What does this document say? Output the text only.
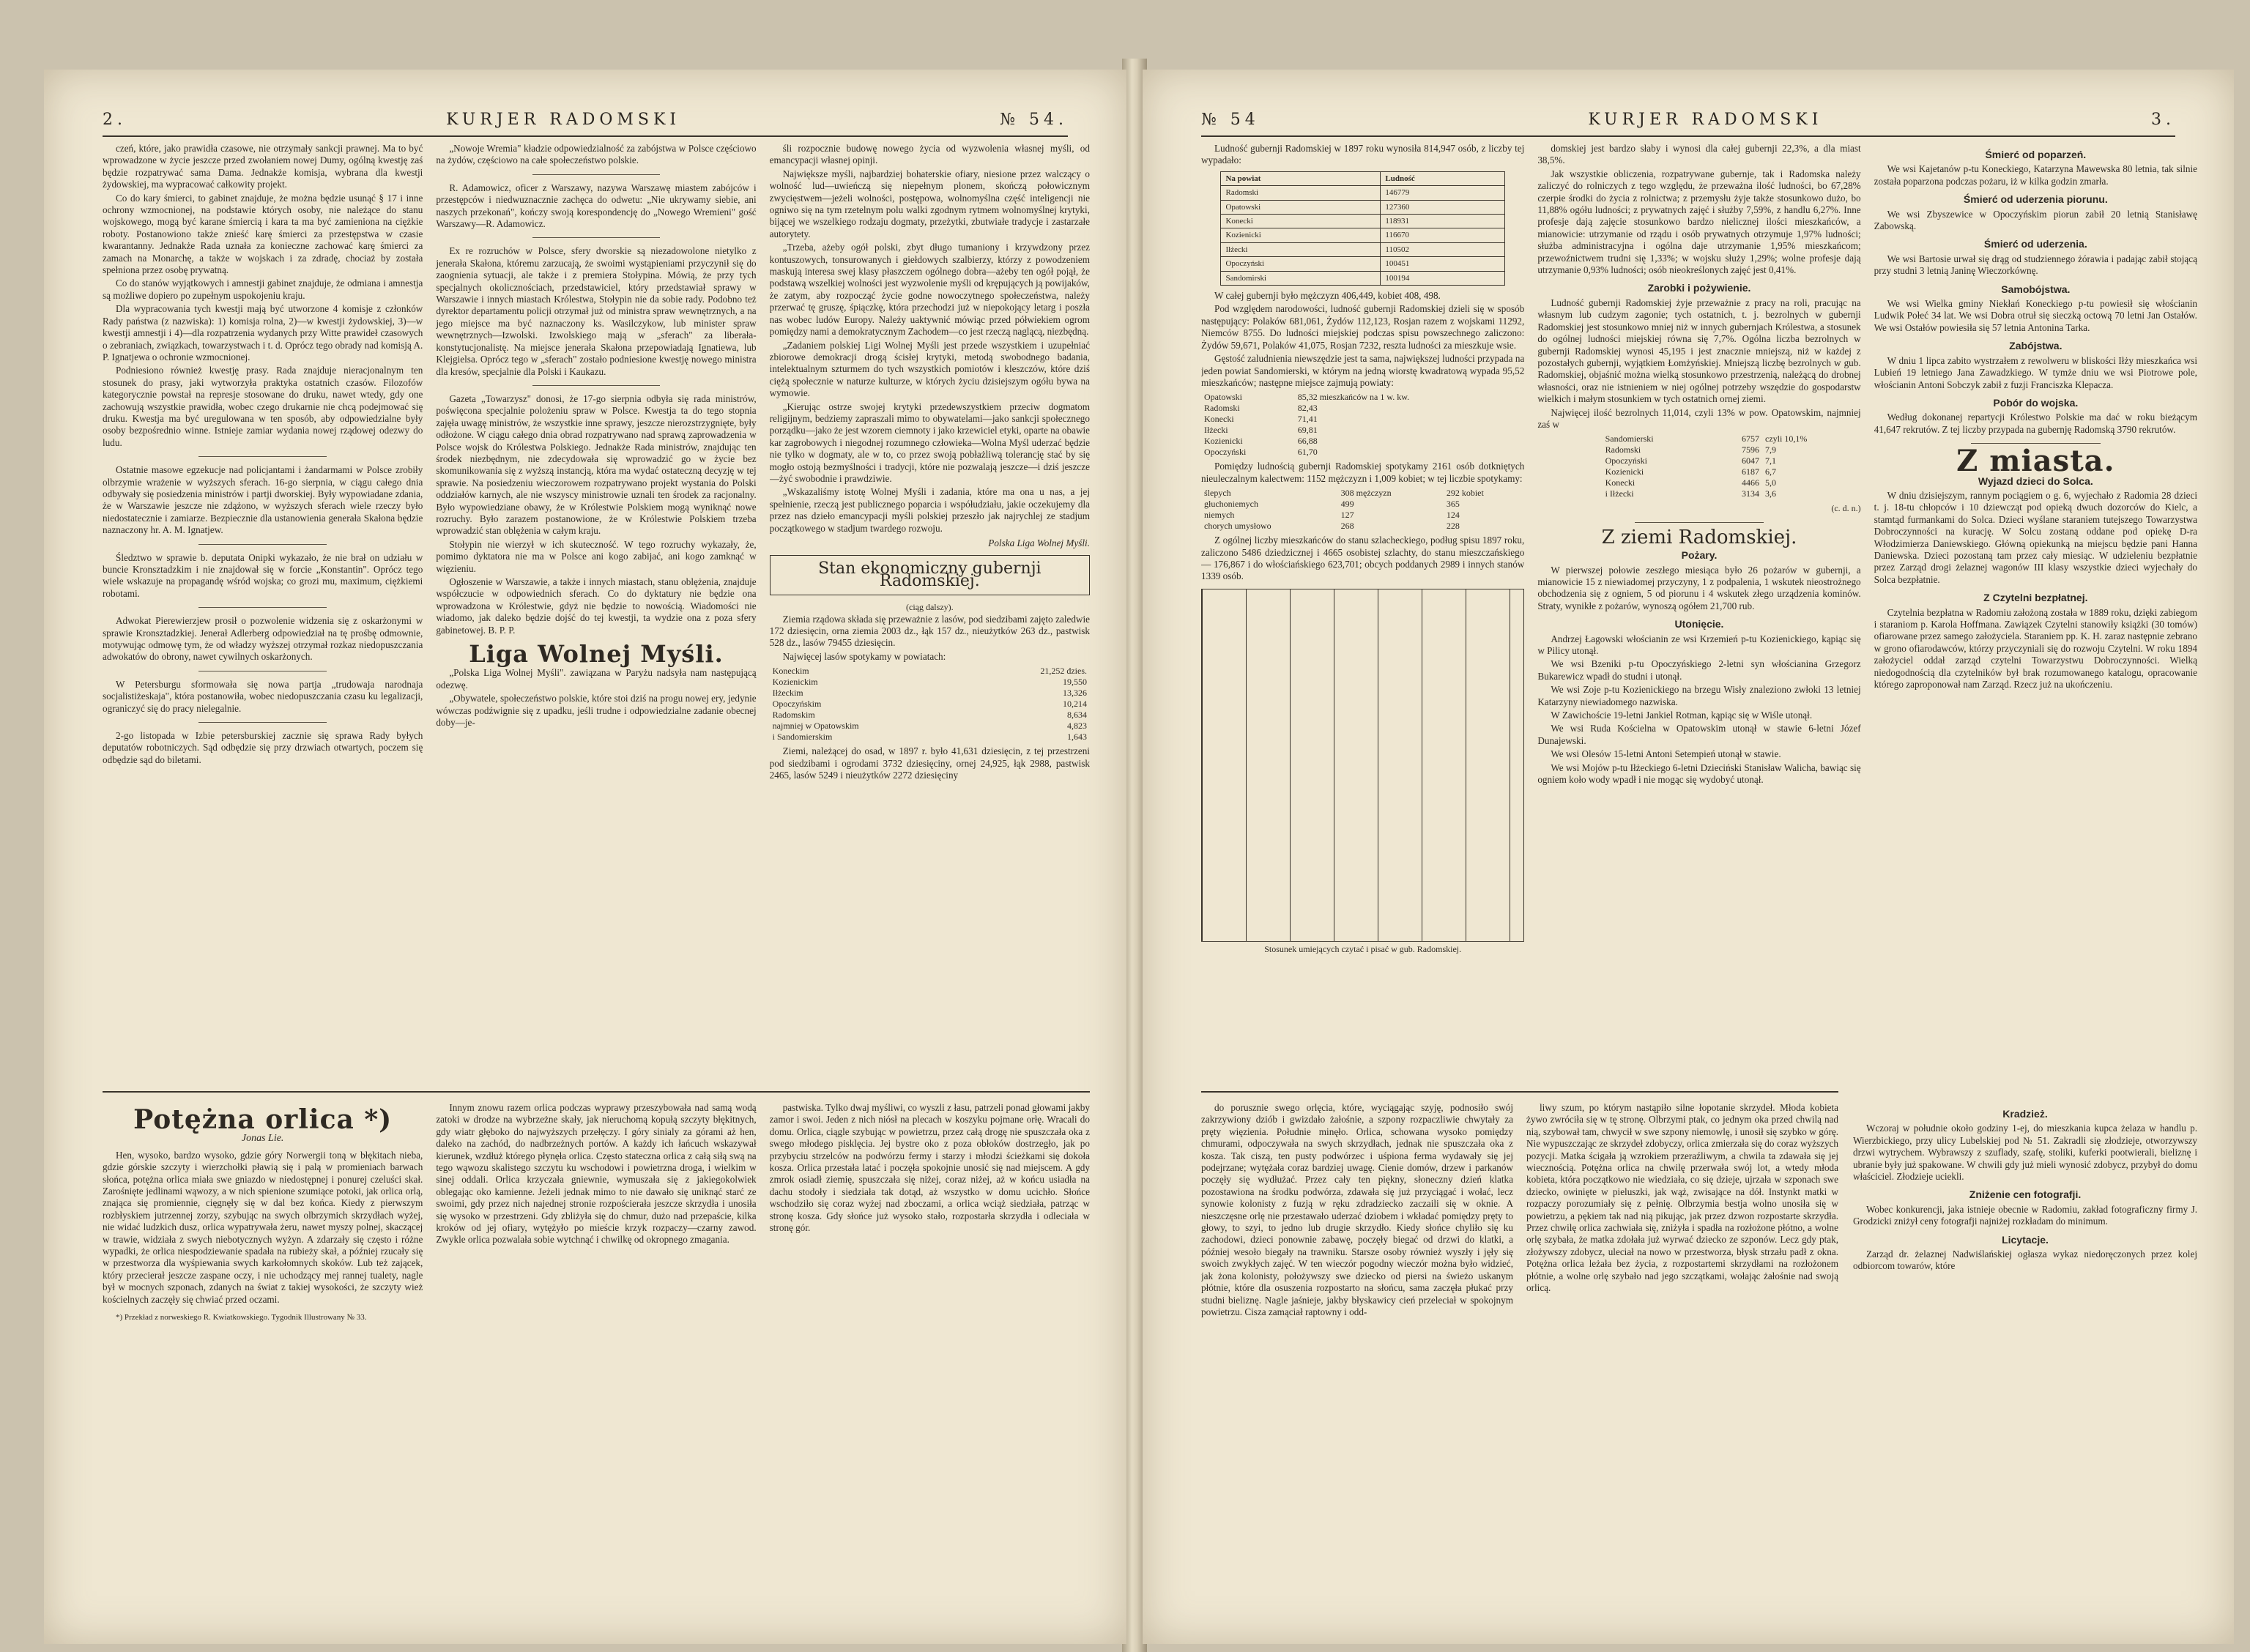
2.	KURJER RADOMSKI	№ 54.

czeń, które, jako prawidła czasowe, nie otrzymały sankcji prawnej. Ma to być wprowadzone w życie jeszcze przed zwołaniem nowej Dumy, ogólną kwestję zaś będzie rozpatrywać sama Dama. Jednakże komisja, wybrana dla kwestji żydowskiej, ma wypracować całkowity projekt.

Co do kary śmierci, to gabinet znajduje, że można będzie usunąć § 17 i inne ochrony wzmocnionej, na podstawie których osoby, nie należące do stanu wojskowego, mogą być karane śmiercią i kara ta ma być zamieniona na ciężkie roboty. Postanowiono także znieść karę śmierci za przestępstwa w czasie kwarantanny. Jednakże Rada uznała za konieczne zachować karę śmierci za zamach na Monarchę, a także w wojskach i za zdradę, chociaż by została spełniona przez osobę prywatną.

Co do stanów wyjątkowych i amnestji gabinet znajduje, że odmiana i amnestja są możliwe dopiero po zupełnym uspokojeniu kraju.

Dla wypracowania tych kwestji mają być utworzone 4 komisje z członków Rady państwa (z nazwiska): 1) komisja rolna, 2)—w kwestji żydowskiej, 3)—w kwestji amnestji i 4)—dla rozpatrzenia wydanych przy Witte prawideł czasowych o zebraniach, związkach, towarzystwach i t. d. Oprócz tego obrady nad komisją A. P. Ignatjewa o ochronie wzmocnionej.

Podniesiono również kwestję prasy. Rada znajduje nieracjonalnym ten stosunek do prasy, jaki wytworzyła praktyka ostatnich czasów. Filozofów kategorycznie powstał na represje stosowane do druku, nawet wtedy, gdy one zachowują wszystkie prawidła, wobec czego drukarnie nie chcą podejmować się druku. Kwestja ma być uregulowana w ten sposób, aby odpowiedzialne były osoby bezpośrednio winne. Istnieje zamiar wydania nowej rządowej odezwy do ludu.

Ostatnie masowe egzekucje nad policjantami i żandarmami w Polsce zrobiły olbrzymie wrażenie w wyższych sferach. 16-go sierpnia, w ciągu całego dnia odbywały się posiedzenia ministrów i partji dworskiej. Były wypowiadane zdania, że w Warszawie jeszcze nie zdążono, w wyższych sferach wiele rzeczy było niedostatecznie i zamiarze. Bezpiecznie dla ustanowienia generała Skałona będzie naznaczony hr. A. M. Ignatjew.

Śledztwo w sprawie b. deputata Onipki wykazało, że nie brał on udziału w buncie Kronsztadzkim i nie znajdował się w forcie „Konstantin". Oprócz tego wiele wskazuje na propagandę wśród wojska; co grozi mu, maximum, ciężkiemi robotami.

Adwokat Pierewierzjew prosił o pozwolenie widzenia się z oskarżonymi w sprawie Kronsztadzkiej. Jenerał Adlerberg odpowiedział na tę prośbę odmownie, motywując odmowę tym, że od władzy wyższej otrzymał rozkaz niedopuszczania adwokatów do obrony, nawet cywilnych oskarżonych.

W Petersburgu sformowała się nowa partja „trudowaja narodnaja socjalistiżeskaja", która postanowiła, wobec niedopuszczania czasu ku legalizacji, ograniczyć się do pracy nielegalnie.

2-go listopada w Izbie petersburskiej zacznie się sprawa Rady byłych deputatów robotniczych. Sąd odbędzie się przy drzwiach otwartych, poczem się odbędzie sąd do biletami.

„Nowoje Wremia" kładzie odpowiedzialność za zabójstwa w Polsce częściowo na żydów, częściowo na całe społeczeństwo polskie.

R. Adamowicz, oficer z Warszawy, nazywa Warszawę miastem zabójców i przestępców i niedwuznacznie zachęca do odwetu: „Nie ukrywamy siebie, ani naszych przekonań", kończy swoją korespondencję do „Nowego Wremieni" gość Warszawy—R. Adamowicz.

Ex re rozruchów w Polsce, sfery dworskie są niezadowolone nietylko z jenerała Skałona, któremu zarzucają, że swoimi wystąpieniami przyczynił się do zaognienia sytuacji, ale także i z premiera Stołypina. Mówią, że przy tych specjalnych okolicznościach, przedstawiciel, który przedstawiał sprawy w Warszawie i innych miastach Królestwa, Stołypin nie da sobie rady. Podobno też dyrektor departamentu policji otrzymał już od ministra spraw wewnętrznych, a na jego miejsce ma być naznaczony ks. Wasilczykow, lub minister spraw wewnętrznych—Izwolski. Izwolskiego mają w „sferach" za liberała-konstytucjonalistę. Na miejsce jenerała Skałona przepowiadają Ignatiewa, lub Klejgielsa. Oprócz tego w „sferach" zostało podniesione kwestję nowego ministra dla kresów, specjalnie dla Polski i Kaukazu.

Gazeta „Towarzysz" donosi, że 17-go sierpnia odbyła się rada ministrów, poświęcona specjalnie polożeniu spraw w Polsce. Kwestja ta do tego stopnia zajęła uwagę ministrów, że wszystkie inne sprawy, jeszcze nierozstrzygnięte, były odłożone. W ciągu całego dnia obrad rozpatrywano nad sprawą zaprowadzenia w Polsce wojsk do Królestwa Polskiego. Jednakże Rada ministrów, znajdując ten środek niezbędnym, nie zdecydowała się wprowadzić go w życie bez skomunikowania się z wyższą instancją, która ma wydać ostateczną decyzję w tej sprawie. Na posiedzeniu wieczorowem rozpatrywano projekt wystania do Polski oddziałów karnych, ale nie wszyscy ministrowie uznali ten środek za racjonalny. Było wypowiedziane obawy, że w Królestwie Polskiem mogą wyniknąć nowe rozruchy. Było zarazem postanowione, że w Królestwie Polskiem trzeba wprowadzić stan oblężenia w całym kraju.

Stołypin nie wierzył w ich skuteczność. W tego rozruchy wykazały, że, pomimo dyktatora nie ma w Polsce ani kogo zabijać, ani kogo zamknąć w więzieniu.

Ogłoszenie w Warszawie, a także i innych miastach, stanu oblężenia, znajduje współczucie w odpowiednich sferach. Co do dyktatury nie będzie ona wprowadzona w Królestwie, gdyż nie będzie to nowością. Wiadomości nie wiadomo, jak daleko będzie dojść do tej kwestji, ta wydzie ona z poza sfery gabinetowej. B. P. P.

Liga Wolnej Myśli.

„Polska Liga Wolnej Myśli". zawiązana w Paryżu nadsyła nam następującą odezwę.

„Obywatele, społeczeństwo polskie, które stoi dziś na progu nowej ery, jedynie wówczas podźwignie się z upadku, jeśli trudne i odpowiedzialne zadanie obecnej doby—je-

śli rozpocznie budowę nowego życia od wyzwolenia własnej myśli, od emancypacji własnej opinji.

Największe myśli, najbardziej bohaterskie ofiary, niesione przez walczący o wolność lud—uwieńczą się niepełnym plonem, skończą połowicznym zwycięstwem—jeżeli wolności, postępowa, wolnomyślna część inteligencji nie ogniwo się na tym rzetelnym polu walki zgodnym rytmem wolnomyślnej krytyki, bijącej we wszelkiego rodzaju dogmaty, przeżytki, zbutwiałe tradycje i zastarzałe autorytety.

„Trzeba, ażeby ogół polski, zbyt długo tumaniony i krzywdzony przez kontuszowych, tonsurowanych i giełdowych szalbierzy, którzy z powodzeniem maskują interesa swej klasy płaszczem ogólnego dobra—ażeby ten ogół pojął, że podstawą wszelkiej wolności jest wyzwolenie myśli od krępujących ją powijaków, że zatym, aby rozpocząć życie godne nowoczytnego społeczeństwa, należy przerwać tę gruszę, śpiączkę, która przechodzi już w niepokojący letarg i poszła nas wobec ludów Europy. Należy uaktywnić mówiąc przed półwiekiem ogrom pomiędzy nami a demokratycznym Zachodem—co jest rzeczą naglącą, niezbędną.

„Zadaniem polskiej Ligi Wolnej Myśli jest przede wszystkiem i uzupełniać zbiorowe demokracji drogą ścisłej krytyki, metodą swobodnego badania, intelektualnym szturmem do tych wszystkich pomiotów i kleszczów, które dziś ciężą społecznie w naturze kulturze, w których życiu dzisiejszym ogółu bywa na wymowie.

„Kierując ostrze swojej krytyki przedewszystkiem przeciw dogmatom religijnym, bedziemy zapraszali mimo to obywatelami—jako sankcji społecznego porządku—jako że jest wzorem ciemnoty i jako krzewiciel etyki, oparte na obawie kar zagrobowych i niegodnej rozumnego człowieka—Wolna Myśl uderzać będzie nie tylko w dogmaty, ale w to, co przez swoją pobłażliwą tolerancję stać by się mogło ostoją bezmyślności i tradycji, które nie pozwalają jeszcze—i dziś jeszcze—żyć swobodnie i prawdziwie.

„Wskazaliśmy istotę Wolnej Myśli i zadania, które ma ona u nas, a jej spełnienie, rzeczą jest publicznego poparcia i współudziału, jakie oczekujemy dla przez nas dzieło emancypacji myśli polskiej przeszło jak najrychlej ze stadjum początkowego w stadjum twardego rozwoju.

Polska Liga Wolnej Myśli.
Stan ekonomiczny gubernji Radomskiej.
(ciąg dalszy).

Ziemia rządowa składa się przeważnie z lasów, pod siedzibami zajęto zaledwie 172 dziesięcin, orna ziemia 2003 dz., łąk 157 dz., nieużytków 263 dz., pastwisk 528 dz., lasów 79455 dziesięcin.

Najwięcej lasów spotykamy w powiatach:

Koneckim	21,252 dzies.
Kozienickim	19,550
Iłżeckim	13,326
Opoczyńskim	10,214
Radomskim	8,634
najmniej w Opatowskim	4,823
i Sandomierskim	1,643

Ziemi, należącej do osad, w 1897 r. było 41,631 dziesięcin, z tej przestrzeni pod siedzibami i ogrodami 3732 dziesięciny, ornej 24,925, łąk 2988, pastwisk 2465, lasów 5249 i nieużytków 2272 dziesięciny

Potężna orlica *)
Jonas Lie.

Hen, wysoko, bardzo wysoko, gdzie góry Norwergii toną w błękitach nieba, gdzie górskie szczyty i wierzchołki pławią się i palą w promieniach barwach słońca, potężna orlica miała swe gniazdo w niedostępnej i ponurej czeluści skał. Zarośnięte jedlinami wąwozy, a w nich spienione szumiące potoki, jak orlica orlą, znająca się promiennie, cięgnęły się w dal bez końca. Kiedy z pierwszym rozbłyskiem jutrzennej zorzy, szybując na swych olbrzymich skrzydłach wyżej, nie widać ludzkich dusz, orlica wypatrywała żeru, nawet myszy polnej, skaczącej w trawie, widziała z swych niebotycznych wyżyn. A zdarzały się często i różne wypadki, że orlica niespodziewanie spadała na rubieży skał, a później rzucały się w przestworza dla wyśpiewania swych karkołomnych skoków. Lub też zającek, który przecierał jeszcze zaspane oczy, i nie uchodzący mej rannej tualety, nagle był w mocnych szponach, zdanych na świat z takiej wysokości, że szczyty wież kościelnych zaczęły się chwiać przed oczami.

*) Przekład z norweskiego R. Kwiatkowskiego. Tygodnik Illustrowany № 33.

Innym znowu razem orlica podczas wyprawy przeszybowała nad samą wodą zatoki w drodze na wybrzeżne skały, jak nieruchomą kopułą szczyty błękitnych, gdy wiatr głęboko do najwyższych przełęczy. I góry sinialy za górami aż hen, daleko na zachód, do nadbrzeżnych portów. A każdy ich łańcuch wskazywał kierunek, wzdłuż którego płynęła orlica. Często stateczna orlica z całą siłą swą na tego wąwozu skalistego szczytu ku wschodowi i powietrzna droga, i wielkim w sinej oddali. Orlica krzyczała gniewnie, wymuszała się z jakiegokolwiek oblegając oko kamienne. Jeżeli jednak mimo to nie dawało się uniknąć starć ze swoimi, gdy przez nich najednej stronie rozpościerała jeszcze skrzydła i unosiła się wysoko w przestrzeni. Gdy zbliżyła się do chmur, dużo nad przepaście, kilka kroków od jej ofiary, wytężyło po mieście krzyk rozpaczy—czarny zawod. Zwykle orlica pozwalała sobie wytchnąć i chwilkę od okropnego zmagania.

pastwiska. Tylko dwaj myśliwi, co wyszli z łasu, patrzeli ponad głowami jakby zamor i swoi. Jeden z nich niósł na plecach w koszyku pojmane orłę. Wracali do domu. Orlica, ciągle szybując w powietrzu, przez całą drogę nie spuszczała oka z swego młodego pisklęcia. Jej bystre oko z poza obłoków dostrzegło, jak po przybyciu strzelców na podwórzu fermy i starzy i młodzi ścieżkami się dokoła kosza. Orlica przestała latać i poczęła spokojnie unosić się nad miejscem. A gdy zmrok osiadł ziemię, spuszczała się niżej, coraz niżej, aż w końcu usiadła na dachu stodoły i siedziała tak dotąd, aż wszystko w domu ucichło. Słońce wschodziło się coraz wyżej nad zboczami, a orlica wciąż siedziała, patrząc w stronę kosza. Gdy słońce już wysoko stało, rozpostarła skrzydła i odleciała w stronę gór.

№ 54	KURJER RADOMSKI	3.

Ludność gubernji Radomskiej w 1897 roku wynosiła 814,947 osób, z liczby tej wypadało:

Na powiat	Ludność
Radomski	146779
Opatowski	127360
Konecki	118931
Kozienicki	116670
Iłżecki	110502
Opoczyński	100451
Sandomirski	100194

W całej gubernji było mężczyzn 406,449, kobiet 408, 498.

Pod względem narodowości, ludność gubernji Radomskiej dzieli się w sposób następujący: Polaków 681,061, Żydów 112,123, Rosjan razem z wojskami 11292, Niemców 8755. Do ludności miejskiej podczas spisu powszechnego zaliczono: Żydów 59,671, Polaków 41,075, Rosjan 7232, reszta ludności za mieszkuje wsie.

Gęstość zaludnienia niewszędzie jest ta sama, największej ludności przypada na jeden powiat Sandomierski, w którym na jedną wiorstę kwadratową wypada 95,52 mieszkańców; następne miejsce zajmują powiaty:

Opatowski	85,32 mieszkańców na 1 w. kw.
Radomski	82,43
Konecki	71,41
Iłżecki	69,81
Kozienicki	66,88
Opoczyński	61,70

Pomiędzy ludnością gubernji Radomskiej spotykamy 2161 osób dotkniętych nieuleczalnym kalectwem: 1152 mężczyzn i 1,009 kobiet; w tej liczbie spotykamy:

ślepych	308 mężczyzn	292 kobiet
głuchoniemych	499	365
niemych	127	124
chorych umysłowo	268	228

Z ogólnej liczby mieszkańców do stanu szlacheckiego, podług spisu 1897 roku, zaliczono 5486 dziedzicznej i 4665 osobistej szlachty, do stanu mieszczańskiego — 176,867 i do włościańskiego 623,701; obcych poddanych 2989 i innych stanów 1339 osób.

Stosunek umiejących czytać i pisać w gub. Radomskiej.

domskiej jest bardzo słaby i wynosi dla całej gubernji 22,3%, a dla miast 38,5%.

Jak wszystkie obliczenia, rozpatrywane gubernje, tak i Radomska należy zaliczyć do rolniczych z tego względu, że przeważna ilość ludności, bo 67,28% czerpie środki do życia z rolnictwa; z przemysłu żyje także stosunkowo dużo, bo 11,88% ogółu ludności; z prywatnych zajęć i służby 7,59%, z handlu 6,27%. Inne profesje dają zajęcie stosunkowo bardzo nielicznej ilości mieszkańców, a mianowicie: utrzymanie od rządu i osób prywatnych otrzymuje 1,97% ludności; służba administracyjna i ogólna daje utrzymanie 1,95% mieszkańcom; przewoźnictwem trudni się 1,33%; w wojsku służy 1,29%; wolne profesje dają utrzymanie 0,93% ludności; osób nieokreślonych zajęć jest 0,41%.

Zarobki i pożywienie.

Ludność gubernji Radomskiej żyje przeważnie z pracy na roli, pracując na własnym lub cudzym zagonie; tych ostatnich, t. j. bezrolnych w gubernji Radomskiej jest stosunkowo mniej niż w innych gubernjach Królestwa, a stosunek do ogólnej ludności miejskiej równa się 7,7%. Ogólna liczba bezrolnych w gubernji Radomskiej wynosi 45,195 i jest znacznie mniejszą, niż w każdej z pozostałych gubernji, wyjątkiem Łomżyńskiej. Mniejszą liczbę bezrolnych w gub. Radomskiej, objaśnić można wielką stosunkowo przestrzenią, należącą do drobnej własności, oraz nie istnieniem w niej ogólnej potrzeby wszędzie do gospodarstw wielkich i małym stosunkiem w tych ostatnich ornej ziemi.

Najwięcej ilość bezrolnych 11,014, czyli 13% w pow. Opatowskim, najmniej zaś w

Sandomierski	6757	czyli 10,1%
Radomski	7596	7,9
Opoczyński	6047	7,1
Kozienicki	6187	6,7
Konecki	4466	5,0
i Iłżecki	3134	3,6
(c. d. n.)
Z ziemi Radomskiej.
Pożary.

W pierwszej połowie zeszłego miesiąca było 26 pożarów w gubernji, a mianowicie 15 z niewiadomej przyczyny, 1 z podpalenia, 1 wskutek nieostrożnego obchodzenia się z ogniem, 5 od piorunu i 4 wskutek złego urządzenia kominów. Straty, wynikłe z pożarów, wynoszą ogółem 21,700 rub.

Utonięcie.

Andrzej Łagowski włościanin ze wsi Krzemień p-tu Kozienickiego, kąpiąc się w Pilicy utonął.

We wsi Bzeniki p-tu Opoczyńskiego 2-letni syn włościanina Grzegorz Bukarewicz wpadł do studni i utonął.

We wsi Zoje p-tu Kozienickiego na brzegu Wisły znaleziono zwłoki 13 letniej Katarzyny niewiadomego nazwiska.

W Zawichoście 19-letni Jankiel Rotman, kąpiąc się w Wiśle utonął.

We wsi Ruda Kościelna w Opatowskim utonął w stawie 6-letni Józef Dunajewski.

We wsi Olesów 15-letni Antoni Setempień utonął w stawie.

We wsi Mojów p-tu Iłżeckiego 6-letni Dzieciński Stanisław Walicha, bawiąc się ogniem koło wody wpadł i nie mogąc się wydobyć utonął.

Śmierć od poparzeń.

We wsi Kajetanów p-tu Koneckiego, Katarzyna Mawewska 80 letnia, tak silnie została poparzona podczas pożaru, iż w kilka godzin zmarła.

Śmierć od uderzenia piorunu.

We wsi Zbyszewice w Opoczyńskim piorun zabił 20 letnią Stanisławę Zabowską.

Śmierć od uderzenia.

We wsi Bartosie urwał się drąg od studziennego żórawia i padając zabił stojącą przy studni 3 letnią Janinę Wieczorkównę.

Samobójstwa.

We wsi Wielka gminy Niekłań Koneckiego p-tu powiesił się włościanin Ludwik Połeć 34 lat. We wsi Dobra otruł się sieczką octową 70 letni Jan Ostałów. We wsi Ostałów powiesiła się 57 letnia Antonina Tarka.

Zabójstwa.

W dniu 1 lipca zabito wystrzałem z rewolweru w bliskości Iłży mieszkańca wsi Lubień 19 letniego Jana Zawadzkiego. W tymże dniu we wsi Piotrowe pole, włościanin Antoni Sobczyk zabił z fuzji Franciszka Klepacza.

Pobór do wojska.

Według dokonanej repartycji Królestwo Polskie ma dać w roku bieżącym 41,647 rekrutów. Z tej liczby przypada na gubernję Radomską 3790 rekrutów.

Z miasta.
Wyjazd dzieci do Solca.

W dniu dzisiejszym, rannym pociągiem o g. 6, wyjechało z Radomia 28 dzieci t. j. 18-tu chłopców i 10 dziewcząt pod opieką dwuch dozorców do Kielc, a stamtąd furmankami do Solca. Dzieci wyślane staraniem tutejszego Towarzystwa Dobroczynności na kurację. W Solcu zostaną oddane pod opiekę D-ra Włodzimierza Daniewskiego. Główną opiekunką na miejscu będzie pani Hanna Daniewska. Dzieci pozostaną tam przez cały miesiąc. W udzieleniu bezpłatnie przez Zarząd drogi żelaznej wagonów III klasy wszystkie dzieci wyjechały do Solca bezpłatnie.

Z Czytelni bezpłatnej.

Czytelnia bezpłatna w Radomiu założoną została w 1889 roku, dzięki zabiegom i staraniom p. Karola Hoffmana. Zawiązek Czytelni stanowiły książki (30 tomów) ofiarowane przez samego założyciela. Staraniem pp. K. H. zaraz następnie zebrano w grono ofiarodawców, którzy przyczyniali się do rozwoju Czytelni. W roku 1894 założyciel oddał zarząd czytelni Towarzystwu Dobroczynności. Wielką niedogodnością dla czytelników był brak rozumowanego katalogu, opracowanie którego zaproponował nam Zarząd. Rzecz już na ukończeniu.

do porusznie swego orlęcia, które, wyciągając szyję, podnosiło swój zakrzywiony dziób i gwizdało żałośnie, a szpony rozpaczliwie chwytały za pręty więzienia. Południe minęło. Orlica, schowana wysoko pomiędzy chmurami, odpoczywała na swych skrzydłach, jednak nie spuszczała oka z kosza. Tak ciszą, ten pusty podwórzec i uśpiona ferma wydawały się jej podejrzane; wytężała coraz bardziej uwagę. Cienie domów, drzew i parkanów poczęły się wydłużać. Przez cały ten piękny, słoneczny dzień klatka pozostawiona na środku podwórza, zdawała się już przyciągać i wołać, lecz synowie kolonisty z fuzją w ręku zdradziecko zaczaili się w oknie. A nieszczęsne orlę nie przestawało uderzać dziobem i wkładać pomiędzy pręty to głowy, to szyi, to jedno lub drugie skrzydło. Kiedy słońce chyliło się ku zachodowi, dzieci ponownie zabawę, poczęły biegać od drzwi do klatki, a później wesoło biegały na trawniku. Starsze osoby również wyszły i jęły się swoich zwykłych zajęć. W ten wieczór pogodny wieczór można było widzieć, jak żona kolonisty, położywszy swe dziecko od piersi na świeżo uskanym płótnie, które dla osuszenia rozpostarto na słońcu, sama zaczęła płukać przy studni bieliznę. Nagle jaśnieje, jakby błyskawicy cień przeleciał w spokojnym powietrzu. Cisza zamąciał raptowny i odd-

liwy szum, po którym nastąpiło silne łopotanie skrzydeł. Młoda kobieta żywo zwróciła się w tę stronę. Olbrzymi ptak, co jednym oka przed chwilą nad nią, szybował tam, chwycił w swe szpony niemowlę, i unosił się szybko w górę. Nie wypuszczając ze skrzydeł zdobyczy, orlica zmierzała się do coraz wyższych pozycji. Matka ścigała ją wzrokiem przeraźliwym, a chwila ta zdawała się jej wiecznością. Potężna orlica na chwilę przerwała swój lot, a wtedy młoda kobieta, która początkowo nie wiedziała, co się dzieje, ujrzała w szponach swe dziecko, owinięte w pieluszki, jak wąż, zwisające na dół. Instynkt matki w rozpaczy porozumiały się z pełnię. Olbrzymia bestja wolno unosiła się w powietrzu, a pękiem tak nad nią pikując, jak przez dzwon rozpostarte skrzydła. Przez chwilę orlica zachwiała się, zniżyła i spadła na rozłożone płótno, a wolne orlę szybała, że matka zdołała już wyrwać dziecko ze szponów. Lecz gdy ptak, złożywszy zdobycz, uleciał na nowo w przestworza, błysk strzału padł z okna. Potężna orlica leżała bez życia, z rozpostartemi skrzydłami na rozłożonem płótnie, a wolne orlę szybało nad jego szczątkami, wołając żałośnie nad swoją orlicą.

Kradzież.

Wczoraj w południe około godziny 1-ej, do mieszkania kupca żelaza w handlu p. Wierzbickiego, przy ulicy Lubelskiej pod № 51. Zakradli się złodzieje, otworzywszy drzwi wytrychem. Wybrawszy z szuflady, szafę, stoliki, kuferki pootwierali, bieliznę i ubranie były już spakowane. W chwili gdy już mieli wynosić zdobycz, przybył do domu właściciel. Złodzieje uciekli.

Zniżenie cen fotografji.

Wobec konkurencji, jaka istnieje obecnie w Radomiu, zakład fotograficzny firmy J. Grodzicki zniżył ceny fotografji najniżej rozkładam do minimum.

Licytacje.

Zarząd dr. żelaznej Nadwiślańskiej ogłasza wykaz niedoręczonych przez kolej odbiorcom towarów, które
